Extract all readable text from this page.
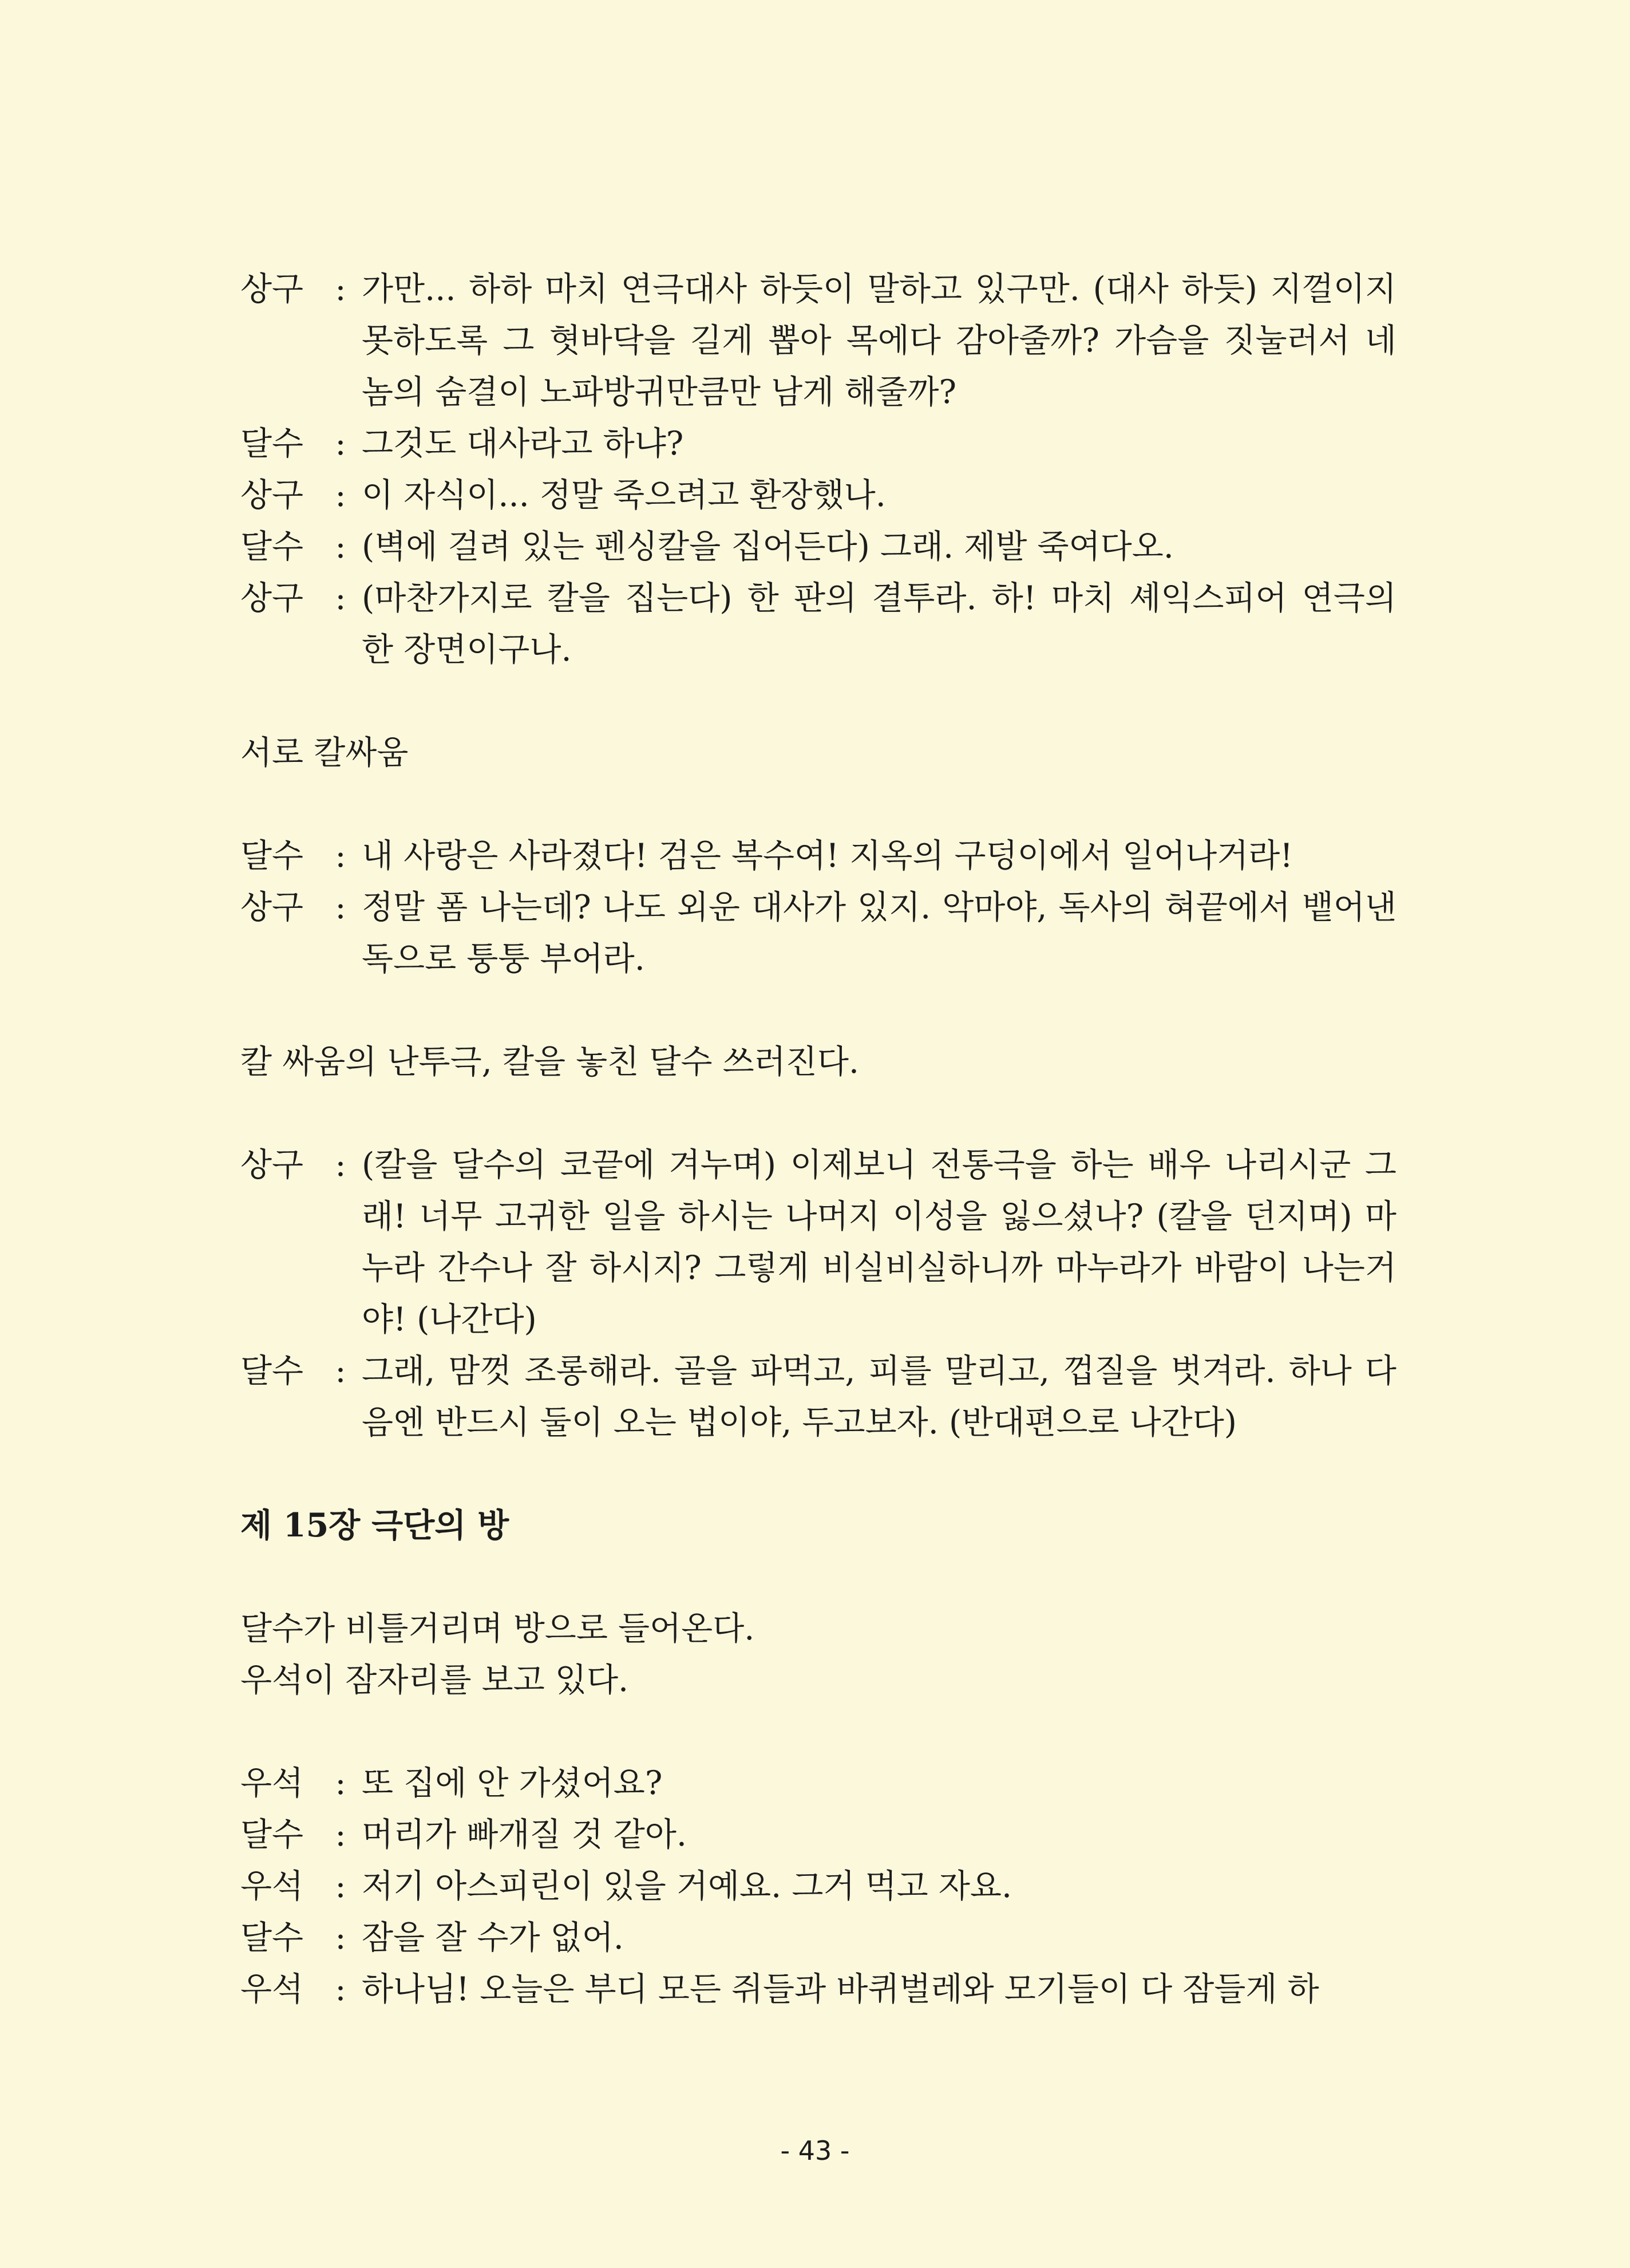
상구 : 가만... 하하 마치 연극대사 하듯이 말하고 있구만. (대사 하듯) 지껄이지 못하도록 그 혓바닥을 길게 뽑아 목에다 감아줄까? 가슴을 짓눌러서 네 놈의 숨결이 노파방귀만큼만 남게 해줄까?
달수 : 그것도 대사라고 하냐?
상구 : 이 자식이... 정말 죽으려고 환장했나.
달수 : (벽에 걸려 있는 펜싱칼을 집어든다) 그래. 제발 죽여다오.
상구 : (마찬가지로 칼을 집는다) 한 판의 결투라. 하! 마치 셰익스피어 연극의 한 장면이구나.
서로 칼싸움
달수 : 내 사랑은 사라졌다! 검은 복수여! 지옥의 구덩이에서 일어나거라!
상구 : 정말 폼 나는데? 나도 외운 대사가 있지. 악마야, 독사의 혀끝에서 뱉어낸 독으로 퉁퉁 부어라.
칼 싸움의 난투극, 칼을 놓친 달수 쓰러진다.
상구 : (칼을 달수의 코끝에 겨누며) 이제보니 전통극을 하는 배우 나리시군 그래! 너무 고귀한 일을 하시는 나머지 이성을 잃으셨나? (칼을 던지며) 마누라 간수나 잘 하시지? 그렇게 비실비실하니까 마누라가 바람이 나는거야! (나간다)
달수 : 그래, 맘껏 조롱해라. 골을 파먹고, 피를 말리고, 껍질을 벗겨라. 하나 다음엔 반드시 둘이 오는 법이야, 두고보자. (반대편으로 나간다)
제 15장 극단의 방
달수가 비틀거리며 방으로 들어온다.
우석이 잠자리를 보고 있다.
우석 : 또 집에 안 가셨어요?
달수 : 머리가 빠개질 것 같아.
우석 : 저기 아스피린이 있을 거예요. 그거 먹고 자요.
달수 : 잠을 잘 수가 없어.
우석 : 하나님! 오늘은 부디 모든 쥐들과 바퀴벌레와 모기들이 다 잠들게 하
- 43 -
